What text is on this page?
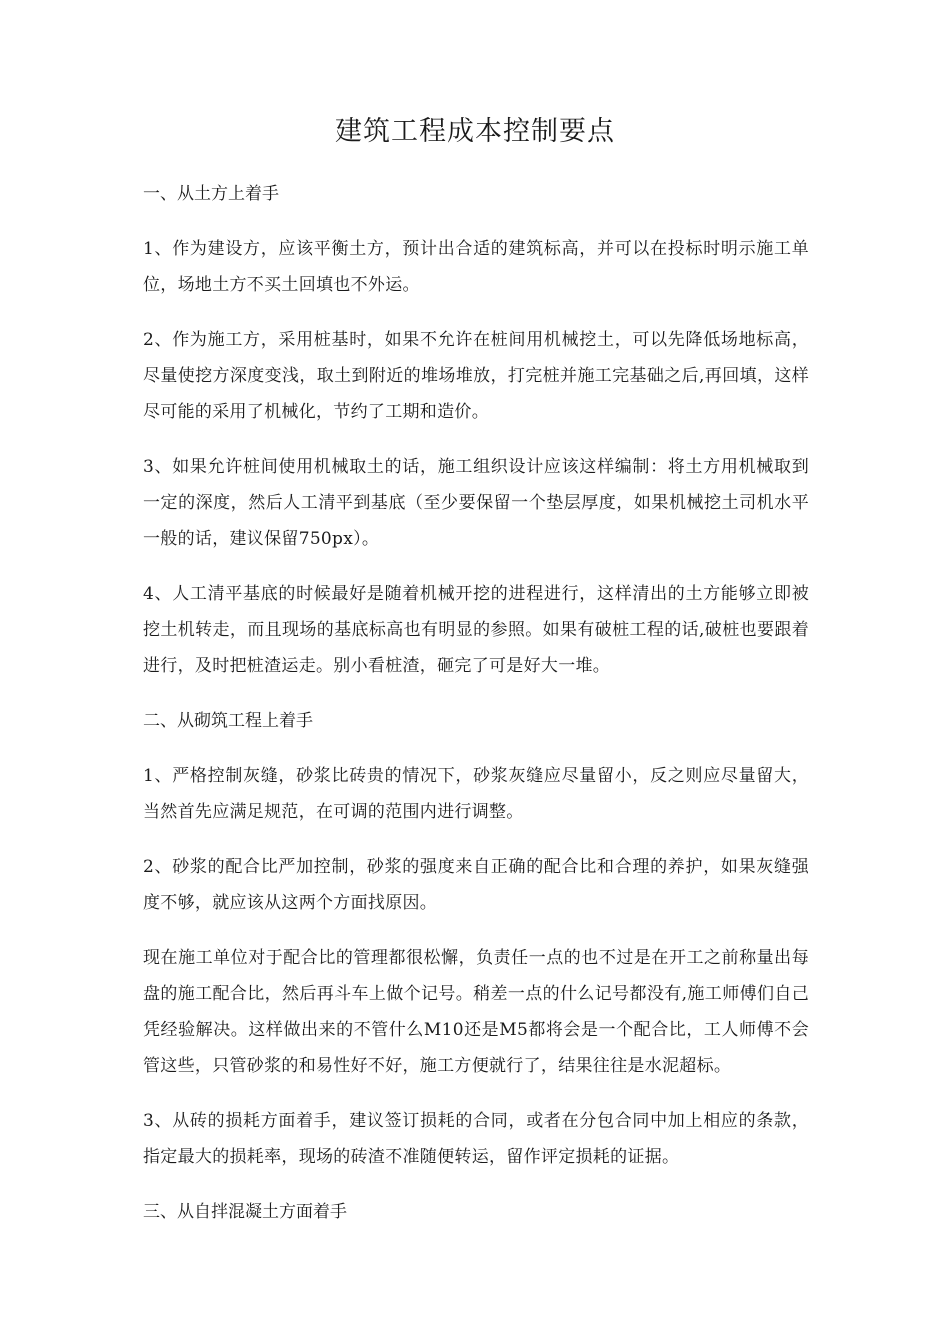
建筑工程成本控制要点

一、从土方上着手

1、作为建设方，应该平衡土方，预计出合适的建筑标高，并可以在投标时明示施工单位，场地土方不买土回填也不外运。

2、作为施工方，采用桩基时，如果不允许在桩间用机械挖土，可以先降低场地标高，尽量使挖方深度变浅，取土到附近的堆场堆放，打完桩并施工完基础之后,再回填，这样尽可能的采用了机械化，节约了工期和造价。

3、如果允许桩间使用机械取土的话，施工组织设计应该这样编制：将土方用机械取到一定的深度，然后人工清平到基底（至少要保留一个垫层厚度，如果机械挖土司机水平一般的话，建议保留750px）。

4、人工清平基底的时候最好是随着机械开挖的进程进行，这样清出的土方能够立即被挖土机转走，而且现场的基底标高也有明显的参照。如果有破桩工程的话,破桩也要跟着进行，及时把桩渣运走。别小看桩渣，砸完了可是好大一堆。

二、从砌筑工程上着手

1、严格控制灰缝，砂浆比砖贵的情况下，砂浆灰缝应尽量留小，反之则应尽量留大，当然首先应满足规范，在可调的范围内进行调整。

2、砂浆的配合比严加控制，砂浆的强度来自正确的配合比和合理的养护，如果灰缝强度不够，就应该从这两个方面找原因。

现在施工单位对于配合比的管理都很松懈，负责任一点的也不过是在开工之前称量出每盘的施工配合比，然后再斗车上做个记号。稍差一点的什么记号都没有,施工师傅们自己凭经验解决。这样做出来的不管什么M10还是M5都将会是一个配合比，工人师傅不会管这些，只管砂浆的和易性好不好，施工方便就行了，结果往往是水泥超标。

3、从砖的损耗方面着手，建议签订损耗的合同，或者在分包合同中加上相应的条款，指定最大的损耗率，现场的砖渣不准随便转运，留作评定损耗的证据。

三、从自拌混凝土方面着手
